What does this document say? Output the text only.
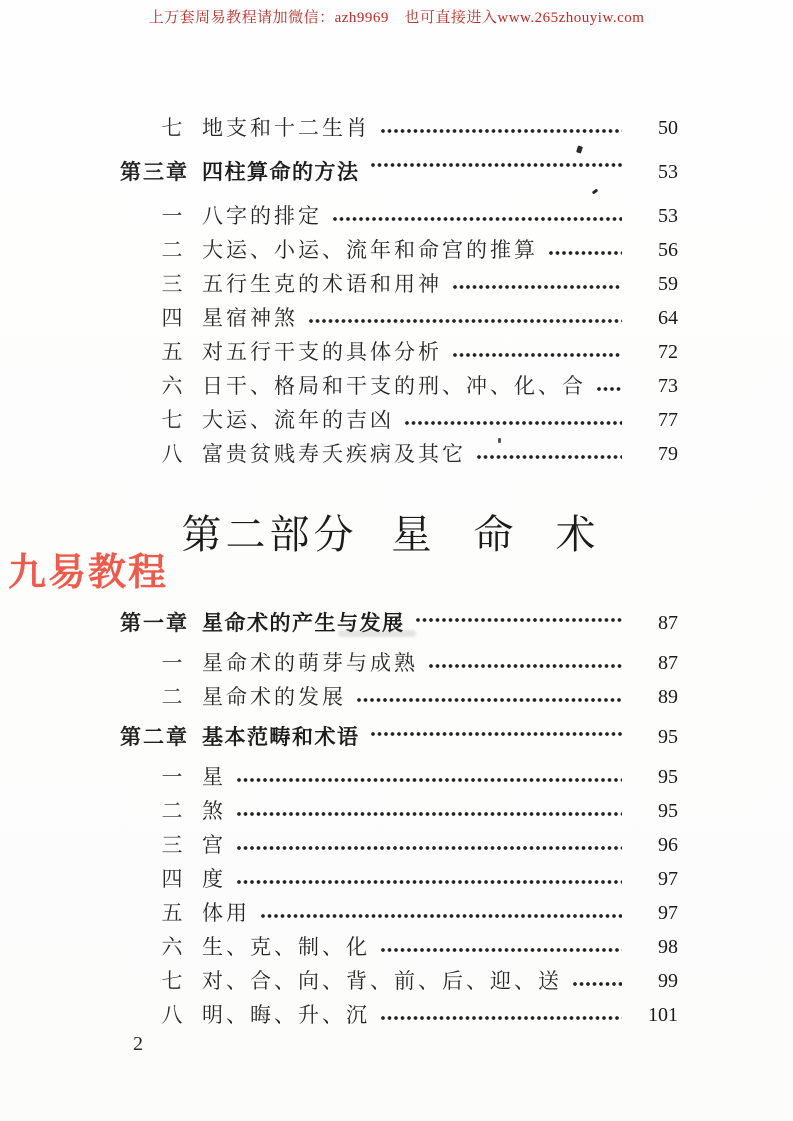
上万套周易教程请加微信：azh9969　也可直接进入www.265zhouyiw.com
七 地支和十二生肖	50
第三章 四柱算命的方法	53
一 八字的排定	53
二 大运、小运、流年和命宫的推算	56
三 五行生克的术语和用神	59
四 星宿神煞	64
五 对五行干支的具体分析	72
六 日干、格局和干支的刑、冲、化、合	73
七 大运、流年的吉凶	77
八 富贵贫贱寿夭疾病及其它	79
第二部分 星 命 术
九易教程
第一章 星命术的产生与发展	87
一 星命术的萌芽与成熟	87
二 星命术的发展	89
第二章 基本范畴和术语	95
一 星	95
二 煞	95
三 宫	96
四 度	97
五 体用	97
六 生、克、制、化	98
七 对、合、向、背、前、后、迎、送	99
八 明、晦、升、沉	101
2
